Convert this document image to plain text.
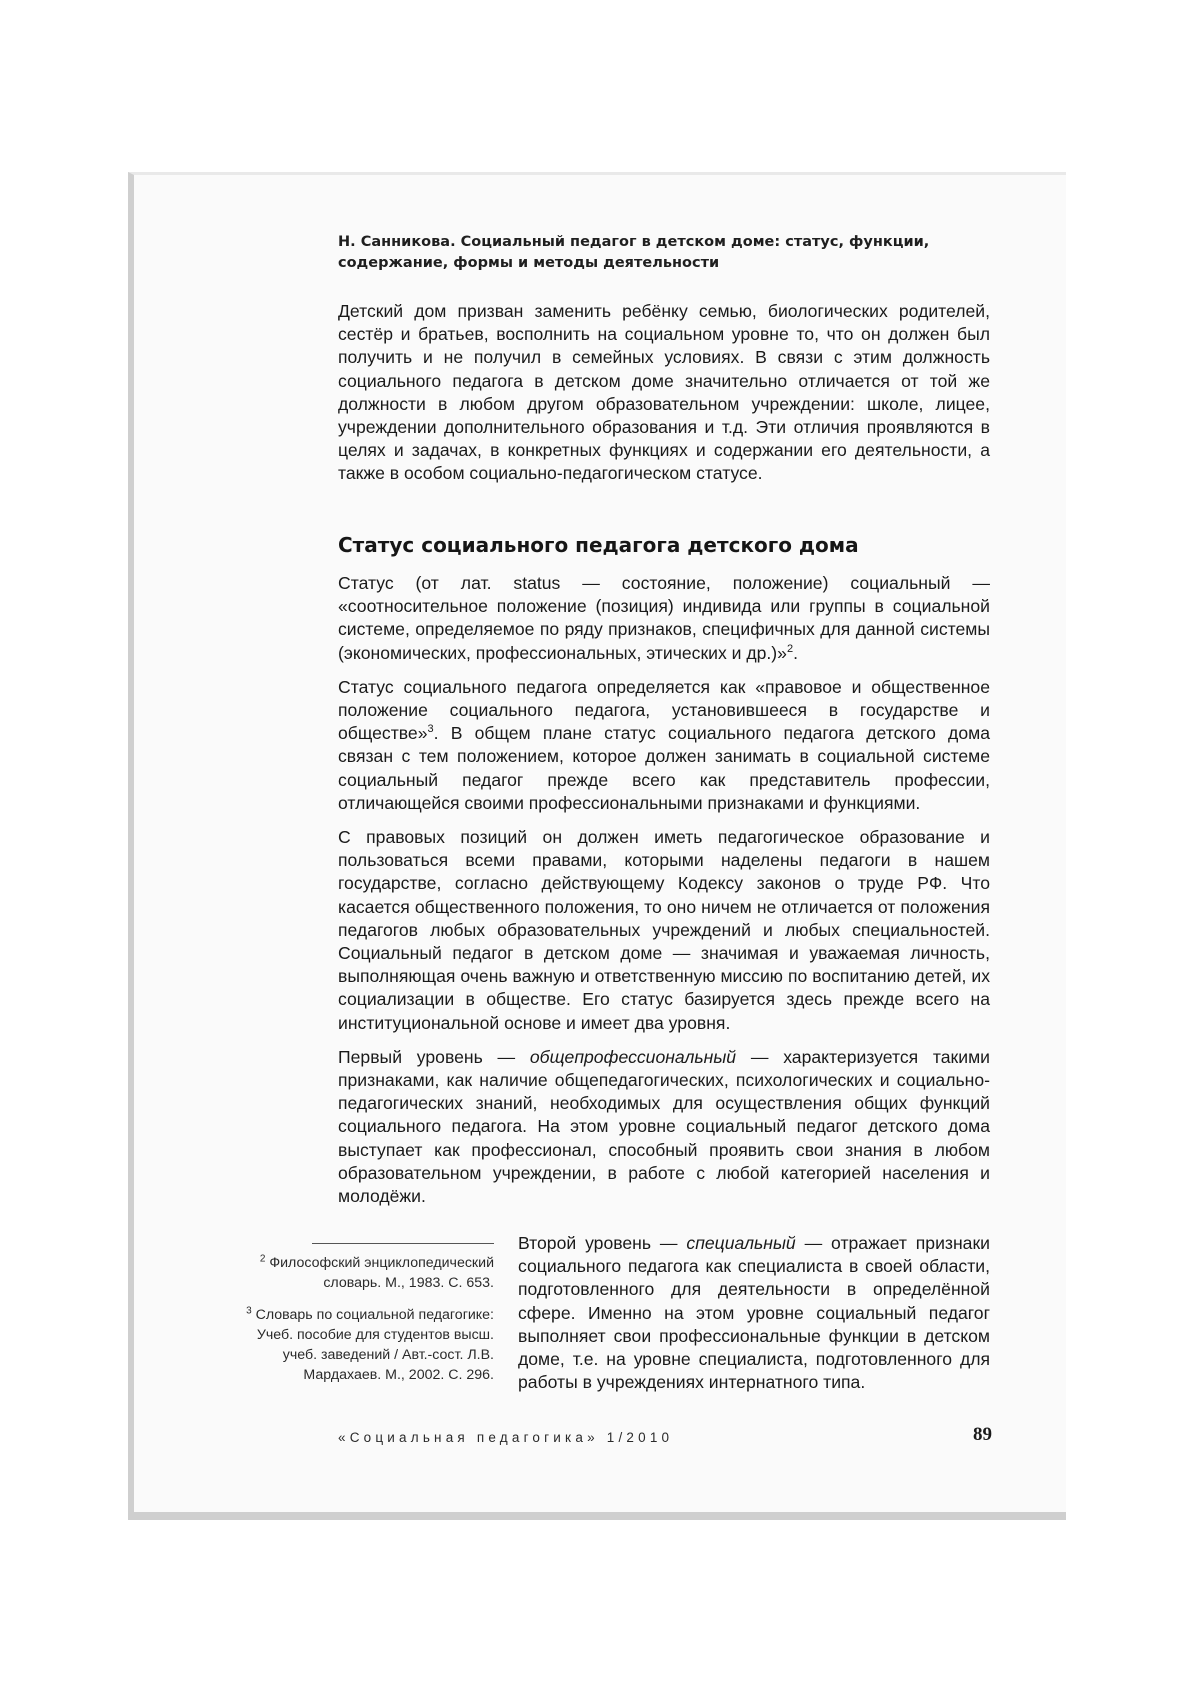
Н. Санникова. Социальный педагог в детском доме: статус, функции, содержание, формы и методы деятельности

Детский дом призван заменить ребёнку семью, биологических родителей, сестёр и братьев, восполнить на социальном уровне то, что он должен был получить и не получил в семейных условиях. В связи с этим должность социального педагога в детском доме значительно отличается от той же должности в любом другом образовательном учреждении: школе, лицее, учреждении дополнительного образования и т.д. Эти отличия проявляются в целях и задачах, в конкретных функциях и содержании его деятельности, а также в особом социально-педагогическом статусе.

Статус социального педагога детского дома

Статус (от лат. status — состояние, положение) социальный — «соотносительное положение (позиция) индивида или группы в социальной системе, определяемое по ряду признаков, специфичных для данной системы (экономических, профессиональных, этических и др.)»$^2$.

Статус социального педагога определяется как «правовое и общественное положение социального педагога, установившееся в государстве и обществе»$^3$. В общем плане статус социального педагога детского дома связан с тем положением, которое должен занимать в социальной системе социальный педагог прежде всего как представитель профессии, отличающейся своими профессиональными признаками и функциями.

С правовых позиций он должен иметь педагогическое образование и пользоваться всеми правами, которыми наделены педагоги в нашем государстве, согласно действующему Кодексу законов о труде РФ. Что касается общественного положения, то оно ничем не отличается от положения педагогов любых образовательных учреждений и любых специальностей. Социальный педагог в детском доме — значимая и уважаемая личность, выполняющая очень важную и ответственную миссию по воспитанию детей, их социализации в обществе. Его статус базируется здесь прежде всего на институциональной основе и имеет два уровня.

Первый уровень — общепрофессиональный — характеризуется такими признаками, как наличие общепедагогических, психологических и социально-педагогических знаний, необходимых для осуществления общих функций социального педагога. На этом уровне социальный педагог детского дома выступает как профессионал, способный проявить свои знания в любом образовательном учреждении, в работе с любой категорией населения и молодёжи.

$^2$ Философский энциклопедический словарь. М., 1983. С. 653.

$^3$ Словарь по социальной педагогике: Учеб. пособие для студентов высш. учеб. заведений / Авт.-сост. Л.В. Мардахаев. М., 2002. С. 296.

Второй уровень — специальный — отражает признаки социального педагога как специалиста в своей области, подготовленного для деятельности в определённой сфере. Именно на этом уровне социальный педагог выполняет свои профессиональные функции в детском доме, т.е. на уровне специалиста, подготовленного для работы в учреждениях интернатного типа.

«Социальная педагогика» 1/2010	89
